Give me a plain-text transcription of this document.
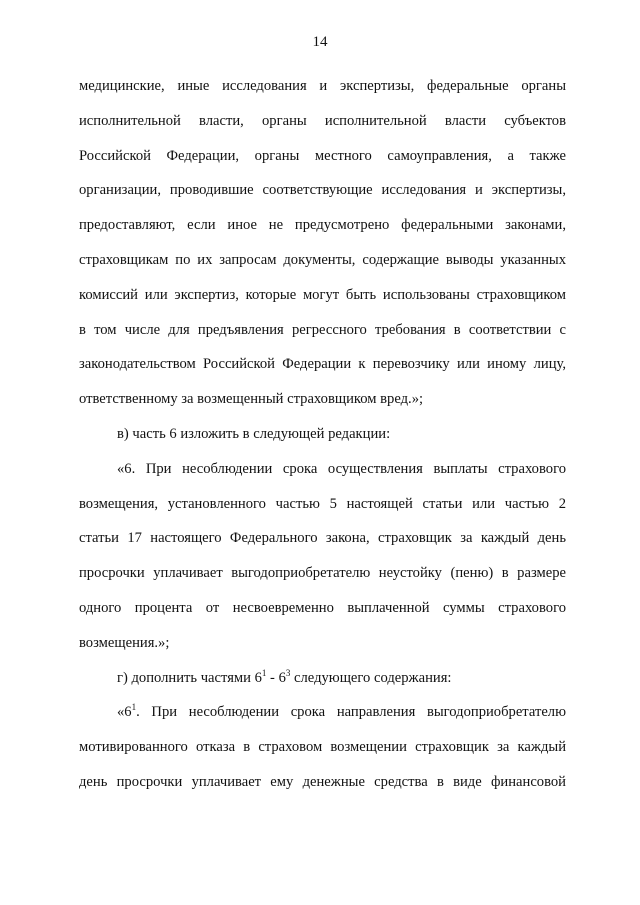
14
медицинские, иные исследования и экспертизы, федеральные органы
исполнительной власти, органы исполнительной власти субъектов
Российской Федерации, органы местного самоуправления, а также
организации, проводившие соответствующие исследования и экспертизы,
предоставляют, если иное не предусмотрено федеральными законами,
страховщикам по их запросам документы, содержащие выводы указанных
комиссий или экспертиз, которые могут быть использованы страховщиком
в том числе для предъявления регрессного требования в соответствии с
законодательством Российской Федерации к перевозчику или иному лицу,
ответственному за возмещенный страховщиком вред.»;
в) часть 6 изложить в следующей редакции:
«6. При несоблюдении срока осуществления выплаты страхового
возмещения, установленного частью 5 настоящей статьи или частью 2
статьи 17 настоящего Федерального закона, страховщик за каждый день
просрочки уплачивает выгодоприобретателю неустойку (пеню) в размере
одного процента от несвоевременно выплаченной суммы страхового
возмещения.»;
г) дополнить частями $6^1 - 6^3$ следующего содержания:
«$6^1$. При несоблюдении срока направления выгодоприобретателю
мотивированного отказа в страховом возмещении страховщик за каждый
день просрочки уплачивает ему денежные средства в виде финансовой
